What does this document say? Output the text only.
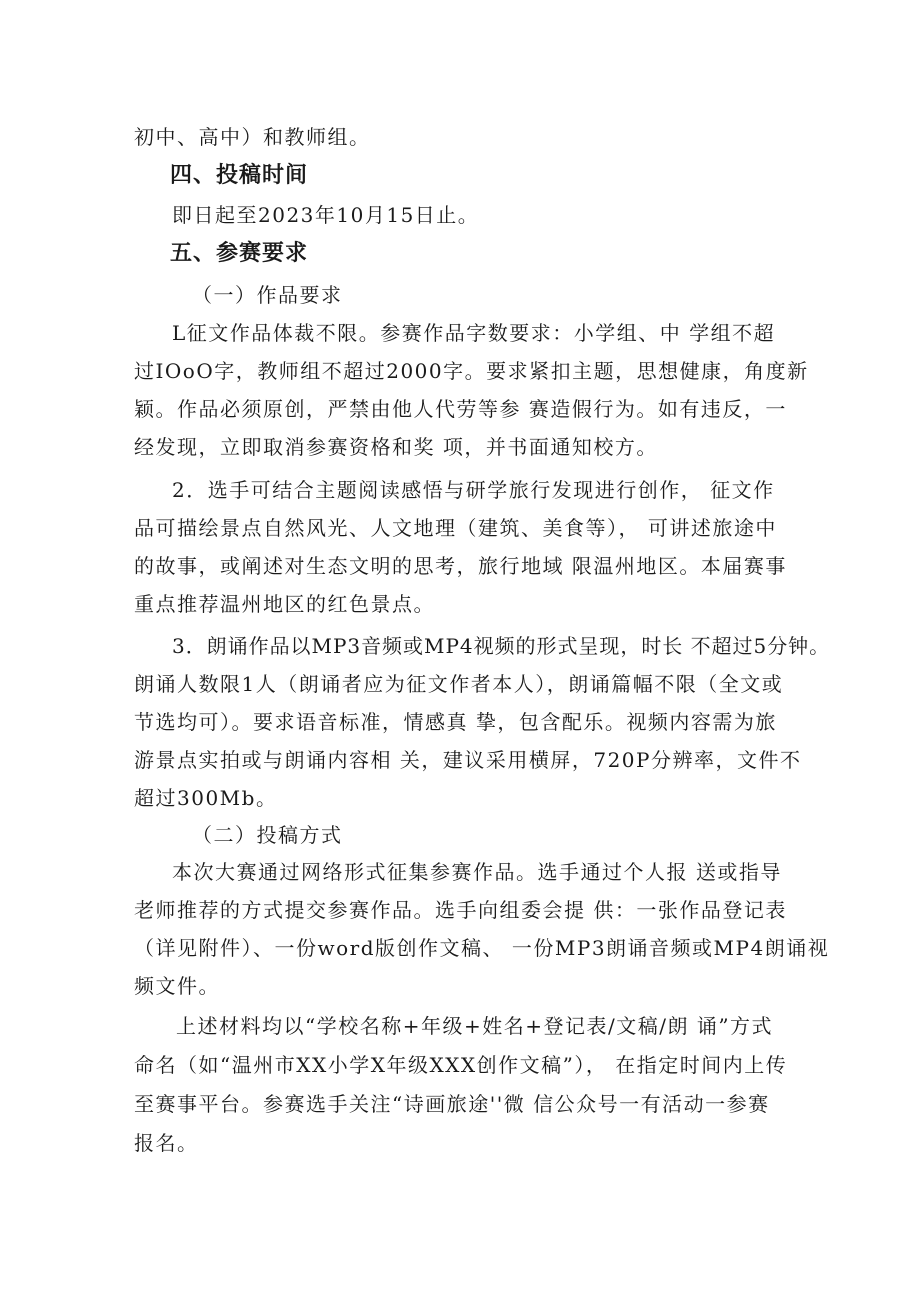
初中、高中）和教师组。
四、投稿时间
即日起至2023年10月15日止。
五、参赛要求
（一）作品要求
L征文作品体裁不限。参赛作品字数要求：小学组、中 学组不超
过IOoO字，教师组不超过2000字。要求紧扣主题，思想健康，角度新
颖。作品必须原创，严禁由他人代劳等参 赛造假行为。如有违反，一
经发现，立即取消参赛资格和奖 项，并书面通知校方。
2．选手可结合主题阅读感悟与研学旅行发现进行创作， 征文作
品可描绘景点自然风光、人文地理（建筑、美食等）， 可讲述旅途中
的故事，或阐述对生态文明的思考，旅行地域 限温州地区。本届赛事
重点推荐温州地区的红色景点。
3．朗诵作品以MP3音频或MP4视频的形式呈现，时长 不超过5分钟。
朗诵人数限1人（朗诵者应为征文作者本人），朗诵篇幅不限（全文或
节选均可）。要求语音标准，情感真 挚，包含配乐。视频内容需为旅
游景点实拍或与朗诵内容相 关，建议采用横屏，720P分辨率，文件不
超过300Mb。
（二）投稿方式
本次大赛通过网络形式征集参赛作品。选手通过个人报 送或指导
老师推荐的方式提交参赛作品。选手向组委会提 供：一张作品登记表
（详见附件）、一份word版创作文稿、 一份MP3朗诵音频或MP4朗诵视
频文件。
上述材料均以“学校名称+年级+姓名+登记表/文稿/朗 诵”方式
命名（如“温州市XX小学X年级XXX创作文稿”）， 在指定时间内上传
至赛事平台。参赛选手关注“诗画旅途''微 信公众号一有活动一参赛
报名。
